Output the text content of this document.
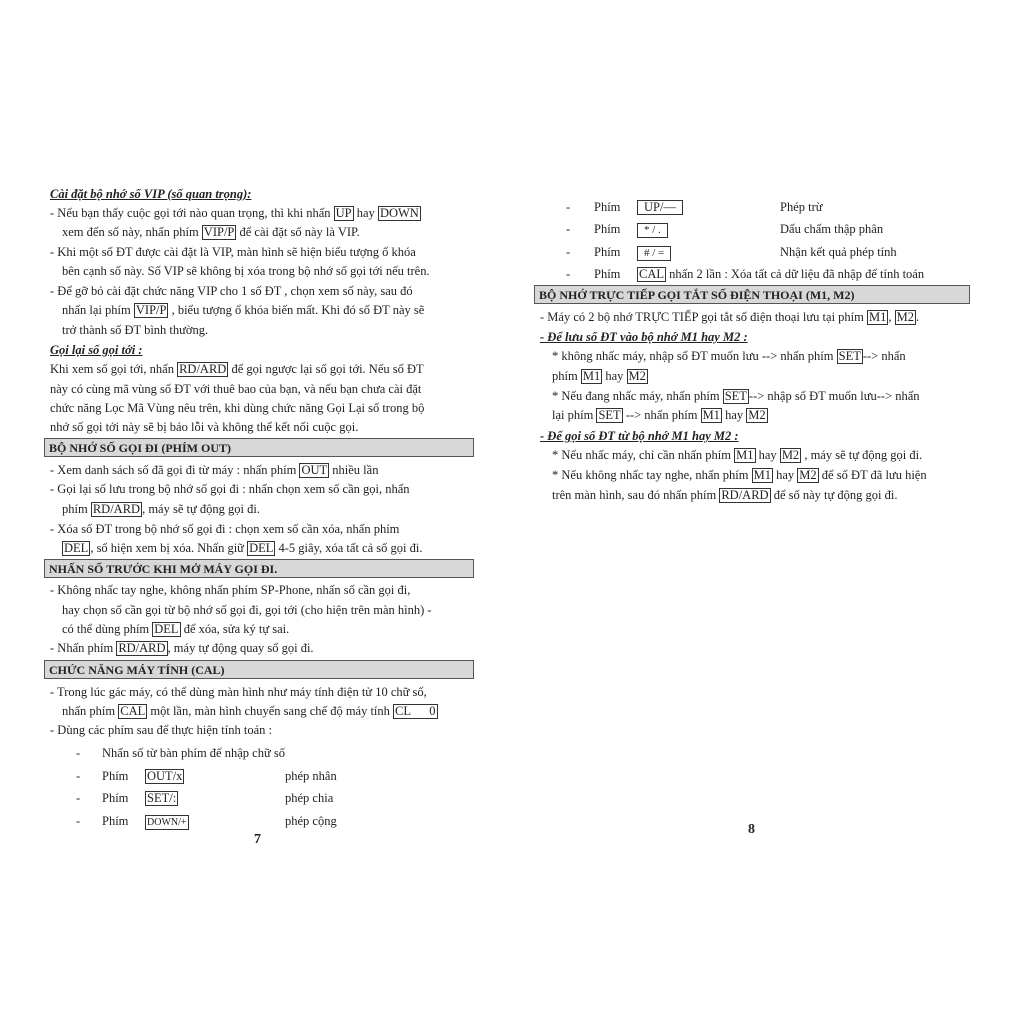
Cài đặt bộ nhớ số VIP (số quan trọng):
- Nếu bạn thấy cuộc gọi tới nào quan trọng, thì khi nhấn UP hay DOWN
xem đến số này, nhấn phím VIP/P để cài đặt số này là VIP.
- Khi một số ĐT được cài đặt là VIP, màn hình sẽ hiện biểu tượng ổ khóa
bên cạnh số này. Số VIP sẽ không bị xóa trong bộ nhớ số gọi tới nếu trên.
- Để gỡ bỏ cài đặt chức năng VIP cho 1 số ĐT , chọn xem số này, sau đó
nhấn lại phím VIP/P , biểu tượng ổ khóa biến mất. Khi đó số ĐT này sẽ
trở thành số ĐT bình thường.
Gọi lại số gọi tới :
Khi xem số gọi tới, nhấn RD/ARD để gọi ngược lại số gọi tới. Nếu số ĐT
này có cùng mã vùng số ĐT với thuê bao của bạn, và nếu bạn chưa cài đặt
chức năng Lọc Mã Vùng nêu trên, khi dùng chức năng Gọi Lại số trong bộ
nhớ số gọi tới này sẽ bị báo lỗi và không thể kết nối cuộc gọi.
BỘ NHỚ SỐ GỌI ĐI (PHÍM OUT)
- Xem danh sách số đã gọi đi từ máy : nhấn phím OUT nhiều lần
- Gọi lại số lưu trong bộ nhớ số gọi đi : nhấn chọn xem số cần gọi, nhấn
phím RD/ARD , máy sẽ tự động gọi đi.
- Xóa số ĐT trong bộ nhớ số gọi đi : chọn xem số cần xóa, nhấn phím
DEL , số hiện xem bị xóa. Nhấn giữ DEL 4-5 giây, xóa tất cả số gọi đi.
NHẤN SỐ TRƯỚC KHI MỞ MÁY GỌI ĐI.
- Không nhấc tay nghe, không nhấn phím SP-Phone, nhấn số cần gọi đi,
hay chọn số cần gọi từ bộ nhớ số gọi đi, gọi tới (cho hiện trên màn hình) -
có thể dùng phím DEL để xóa, sửa ký tự sai.
- Nhấn phím RD/ARD , máy tự động quay số gọi đi.
CHỨC NĂNG MÁY TÍNH (CAL)
- Trong lúc gác máy, có thể dùng màn hình như máy tính điện tử 10 chữ số,
nhấn phím CAL một lần, màn hình chuyển sang chế độ máy tính CL      0
- Dùng các phím sau để thực hiện tính toán :
- Nhấn số từ bàn phím để nhập chữ số
- Phím OUT/x	phép nhân
- Phím SET/:	phép chia
- Phím DOWN/+	phép cộng
7
- Phím	UP/—	Phép trừ
- Phím	* / .	Dấu chấm thập phân
- Phím	# / =	Nhận kết quả phép tính
- Phím CAL nhấn 2 lần : Xóa tất cả dữ liệu đã nhập để tính toán
BỘ NHỚ TRỰC TIẾP GỌI TẮT SỐ ĐIỆN THOẠI (M1, M2)
- Máy có 2 bộ nhớ TRỰC TIẾP gọi tắt số điện thoại lưu tại phím M1 , M2 .
- Để lưu số ĐT vào bộ nhớ M1 hay M2 :
* không nhấc máy, nhập số ĐT muốn lưu --> nhấn phím SET --> nhấn
phím M1 hay M2
* Nếu đang nhấc máy, nhấn phím SET --> nhập số ĐT muốn lưu--> nhấn
lại phím SET --> nhấn phím M1 hay M2
- Để gọi số ĐT từ bộ nhớ M1 hay M2 :
* Nếu nhấc máy, chỉ cần nhấn phím M1 hay M2 , máy sẽ tự động gọi đi.
* Nếu không nhấc tay nghe, nhấn phím M1 hay M2 để số ĐT đã lưu hiện
trên màn hình, sau đó nhấn phím RD/ARD để số này tự động gọi đi.
8
